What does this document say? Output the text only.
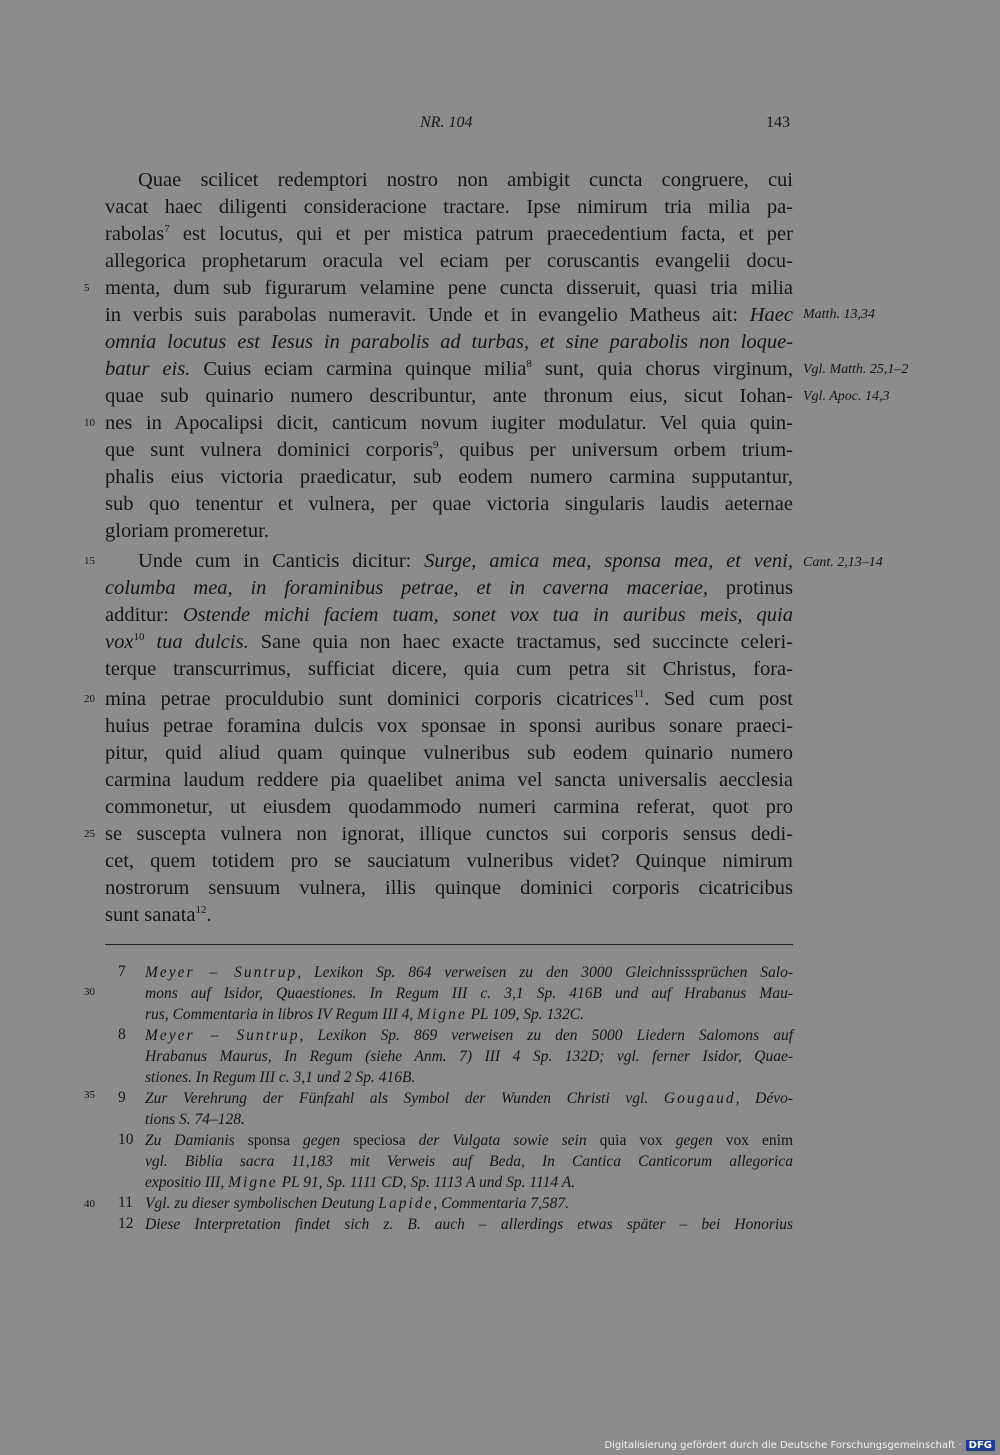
NR. 104	143
Quae scilicet redemptori nostro non ambigit cuncta congruere, cui
vacat haec diligenti consideracione tractare. Ipse nimirum tria milia pa-
rabolas$^7$ est locutus, qui et per mistica patrum praecedentium facta, et per
allegorica prophetarum oracula vel eciam per coruscantis evangelii docu-
menta, dum sub figurarum velamine pene cuncta disseruit, quasi tria milia
in verbis suis parabolas numeravit. Unde et in evangelio Matheus ait: Haec
omnia locutus est Iesus in parabolis ad turbas, et sine parabolis non loque-
batur eis. Cuius eciam carmina quinque milia$^8$ sunt, quia chorus virginum,
quae sub quinario numero describuntur, ante thronum eius, sicut Iohan-
nes in Apocalipsi dicit, canticum novum iugiter modulatur. Vel quia quin-
que sunt vulnera dominici corporis$^9$, quibus per universum orbem trium-
phalis eius victoria praedicatur, sub eodem numero carmina supputantur,
sub quo tenentur et vulnera, per quae victoria singularis laudis aeternae
gloriam promeretur.
Unde cum in Canticis dicitur: Surge, amica mea, sponsa mea, et veni,
columba mea, in foraminibus petrae, et in caverna maceriae, protinus
additur: Ostende michi faciem tuam, sonet vox tua in auribus meis, quia
vox$^{10}$ tua dulcis. Sane quia non haec exacte tractamus, sed succincte celeri-
terque transcurrimus, sufficiat dicere, quia cum petra sit Christus, fora-
mina petrae proculdubio sunt dominici corporis cicatrices$^{11}$. Sed cum post
huius petrae foramina dulcis vox sponsae in sponsi auribus sonare praeci-
pitur, quid aliud quam quinque vulneribus sub eodem quinario numero
carmina laudum reddere pia quaelibet anima vel sancta universalis aecclesia
commonetur, ut eiusdem quodammodo numeri carmina referat, quot pro
se suscepta vulnera non ignorat, illique cunctos sui corporis sensus dedi-
cet, quem totidem pro se sauciatum vulneribus videt? Quinque nimirum
nostrorum sensuum vulnera, illis quinque dominici corporis cicatricibus
sunt sanata$^{12}$.
5
10
15
20
25
30
35
40
Matth. 13,34
Vgl. Matth. 25,1–2
Vgl. Apoc. 14,3
Cant. 2,13–14
7 Meyer – Suntrup, Lexikon Sp. 864 verweisen zu den 3000 Gleichnisssprüchen Salo-
mons auf Isidor, Quaestiones. In Regum III c. 3,1 Sp. 416B und auf Hrabanus Mau-
rus, Commentaria in libros IV Regum III 4, Migne PL 109, Sp. 132C.
8 Meyer – Suntrup, Lexikon Sp. 869 verweisen zu den 5000 Liedern Salomons auf
Hrabanus Maurus, In Regum (siehe Anm. 7) III 4 Sp. 132D; vgl. ferner Isidor, Quae-
stiones. In Regum III c. 3,1 und 2 Sp. 416B.
9 Zur Verehrung der Fünfzahl als Symbol der Wunden Christi vgl. Gougaud, Dévo-
tions S. 74–128.
10 Zu Damianis sponsa gegen speciosa der Vulgata sowie sein quia vox gegen vox enim
vgl. Biblia sacra 11,183 mit Verweis auf Beda, In Cantica Canticorum allegorica
expositio III, Migne PL 91, Sp. 1111 CD, Sp. 1113 A und Sp. 1114 A.
11 Vgl. zu dieser symbolischen Deutung Lapide, Commentaria 7,587.
12 Diese Interpretation findet sich z. B. auch – allerdings etwas später – bei Honorius
Digitalisierung gefördert durch die Deutsche Forschungsgemeinschaft · DFG
